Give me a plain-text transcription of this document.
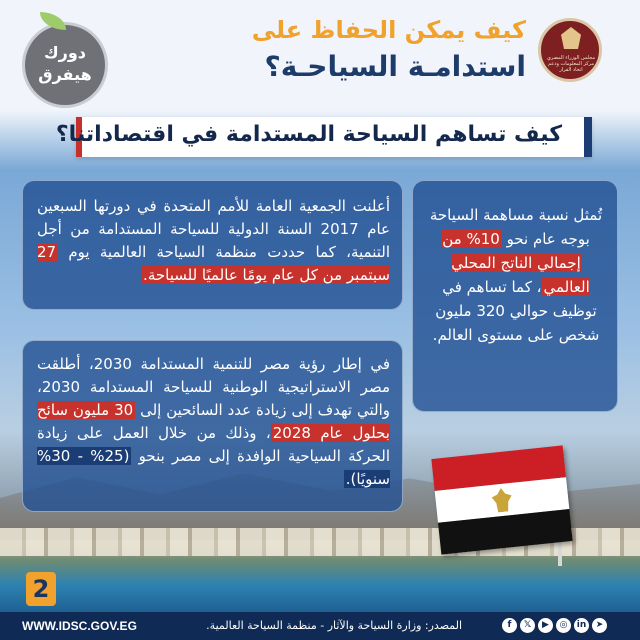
مجلس الوزراء المصري مركز المعلومات ودعم اتخاذ القرار
كيف يمكن الحفاظ على
استدامـة السياحـة؟
دورك
هيفرق
كيف تساهم السياحة المستدامة في اقتصاداتنا؟
أعلنت الجمعية العامة للأمم المتحدة في دورتها السبعين عام 2017 السنة الدولية للسياحة المستدامة من أجل التنمية، كما حددت منظمة السياحة العالمية يوم 27 سبتمبر من كل عام يومًا عالميًا للسياحة.
في إطار رؤية مصر للتنمية المستدامة 2030، أطلقت مصر الاستراتيجية الوطنية للسياحة المستدامة 2030، والتي تهدف إلى زيادة عدد السائحين إلى 30 مليون سائح بحلول عام 2028، وذلك من خلال العمل على زيادة الحركة السياحية الوافدة إلى مصر بنحو (25% - 30% سنويًا).
تُمثل نسبة مساهمة السياحة بوجه عام نحو 10% من إجمالي الناتج المحلي العالمي، كما تساهم في توظيف حوالي 320 مليون شخص على مستوى العالم.
2
WWW.IDSC.GOV.EG	المصدر: وزارة السياحة والآثار - منظمة السياحة العالمية.	f	𝕏	▶	◎	in	➤
